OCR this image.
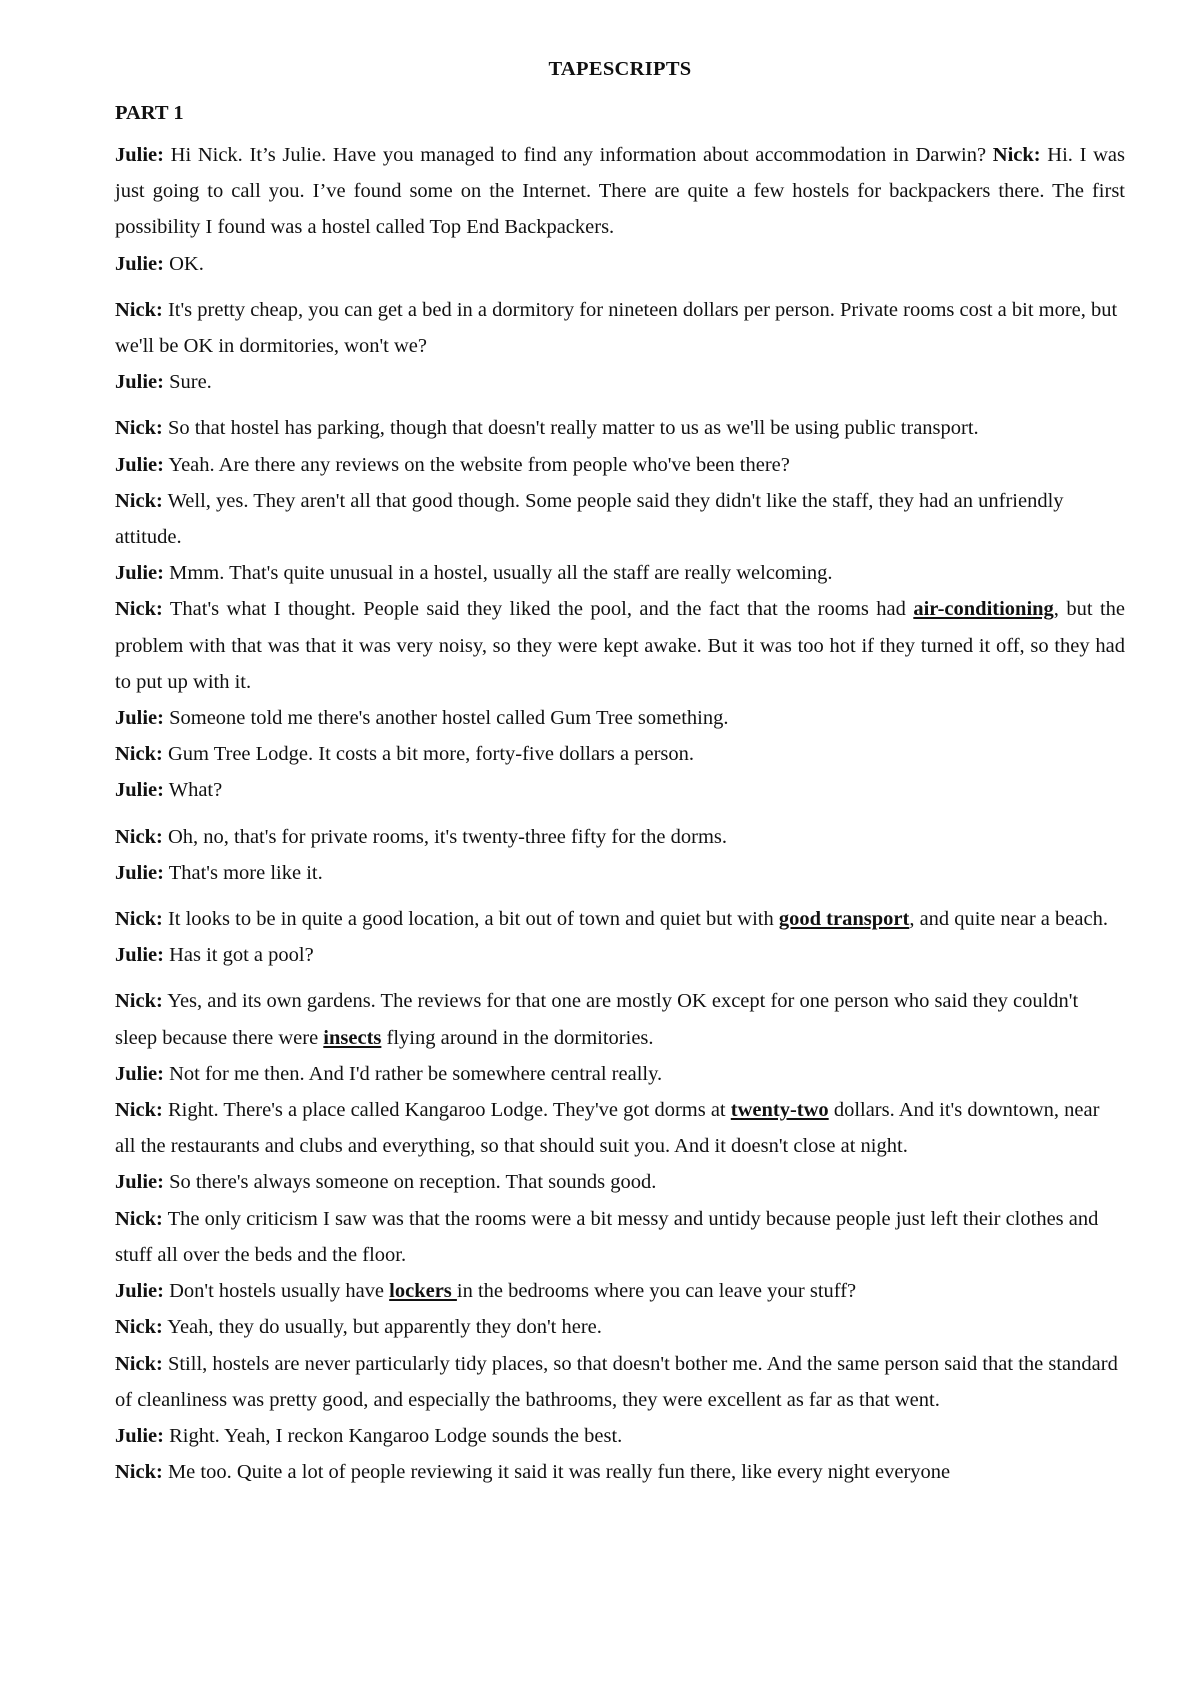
TAPESCRIPTS
PART 1

Julie: Hi Nick. It’s Julie. Have you managed to find any information about accommodation in Darwin? Nick: Hi. I was just going to call you. I’ve found some on the Internet. There are quite a few hostels for backpackers there. The first possibility I found was a hostel called Top End Backpackers.

Julie: OK.

Nick: It's pretty cheap, you can get a bed in a dormitory for nineteen dollars per person. Private rooms cost a bit more, but we'll be OK in dormitories, won't we?

Julie: Sure.

Nick: So that hostel has parking, though that doesn't really matter to us as we'll be using public transport.

Julie: Yeah. Are there any reviews on the website from people who've been there?

Nick: Well, yes. They aren't all that good though. Some people said they didn't like the staff, they had an unfriendly attitude.

Julie: Mmm. That's quite unusual in a hostel, usually all the staff are really welcoming.

Nick: That's what I thought. People said they liked the pool, and the fact that the rooms had air-conditioning, but the problem with that was that it was very noisy, so they were kept awake. But it was too hot if they turned it off, so they had to put up with it.

Julie: Someone told me there's another hostel called Gum Tree something.

Nick: Gum Tree Lodge. It costs a bit more, forty-five dollars a person.

Julie: What?

Nick: Oh, no, that's for private rooms, it's twenty-three fifty for the dorms.

Julie: That's more like it.

Nick: It looks to be in quite a good location, a bit out of town and quiet but with good transport, and quite near a beach.

Julie: Has it got a pool?

Nick: Yes, and its own gardens. The reviews for that one are mostly OK except for one person who said they couldn't sleep because there were insects flying around in the dormitories.

Julie: Not for me then. And I'd rather be somewhere central really.

Nick: Right. There's a place called Kangaroo Lodge. They've got dorms at twenty-two dollars. And it's downtown, near all the restaurants and clubs and everything, so that should suit you. And it doesn't close at night.

Julie: So there's always someone on reception. That sounds good.

Nick: The only criticism I saw was that the rooms were a bit messy and untidy because people just left their clothes and stuff all over the beds and the floor.

Julie: Don't hostels usually have lockers in the bedrooms where you can leave your stuff?

Nick: Yeah, they do usually, but apparently they don't here.

Nick: Still, hostels are never particularly tidy places, so that doesn't bother me. And the same person said that the standard of cleanliness was pretty good, and especially the bathrooms, they were excellent as far as that went.

Julie: Right. Yeah, I reckon Kangaroo Lodge sounds the best.

Nick: Me too. Quite a lot of people reviewing it said it was really fun there, like every night everyone
